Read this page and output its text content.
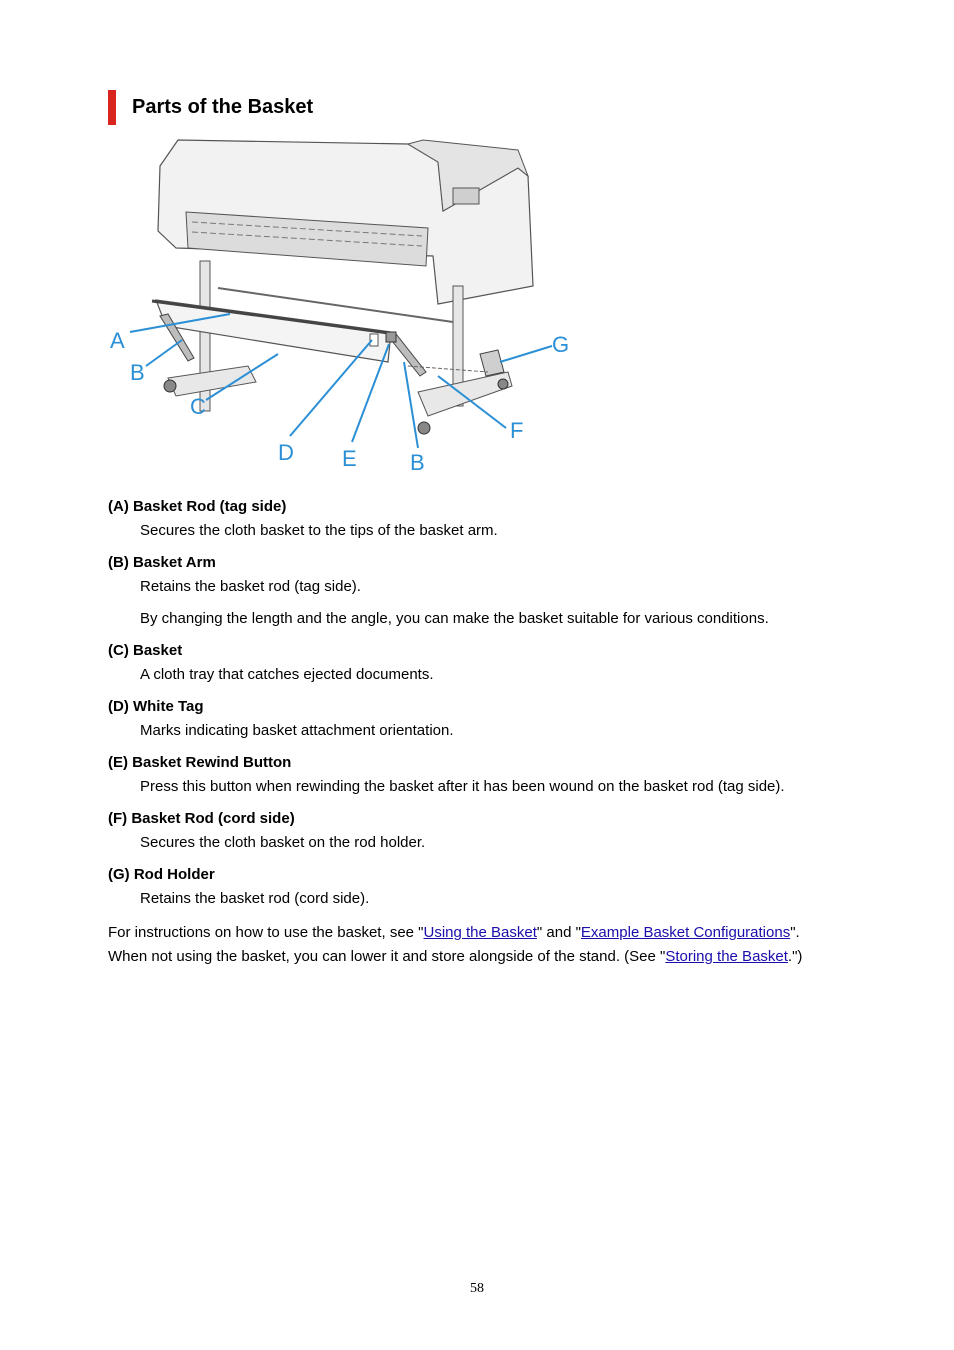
Parts of the Basket
A
B
C
D E B
F
G

(A) Basket Rod (tag side)

Secures the cloth basket to the tips of the basket arm.

(B) Basket Arm

Retains the basket rod (tag side).

By changing the length and the angle, you can make the basket suitable for various conditions.

(C) Basket

A cloth tray that catches ejected documents.

(D) White Tag

Marks indicating basket attachment orientation.

(E) Basket Rewind Button

Press this button when rewinding the basket after it has been wound on the basket rod (tag side).

(F) Basket Rod (cord side)

Secures the cloth basket on the rod holder.

(G) Rod Holder

Retains the basket rod (cord side).

For instructions on how to use the basket, see "Using the Basket" and "Example Basket Configurations".
When not using the basket, you can lower it and store alongside of the stand. (See "Storing the Basket.")
58
